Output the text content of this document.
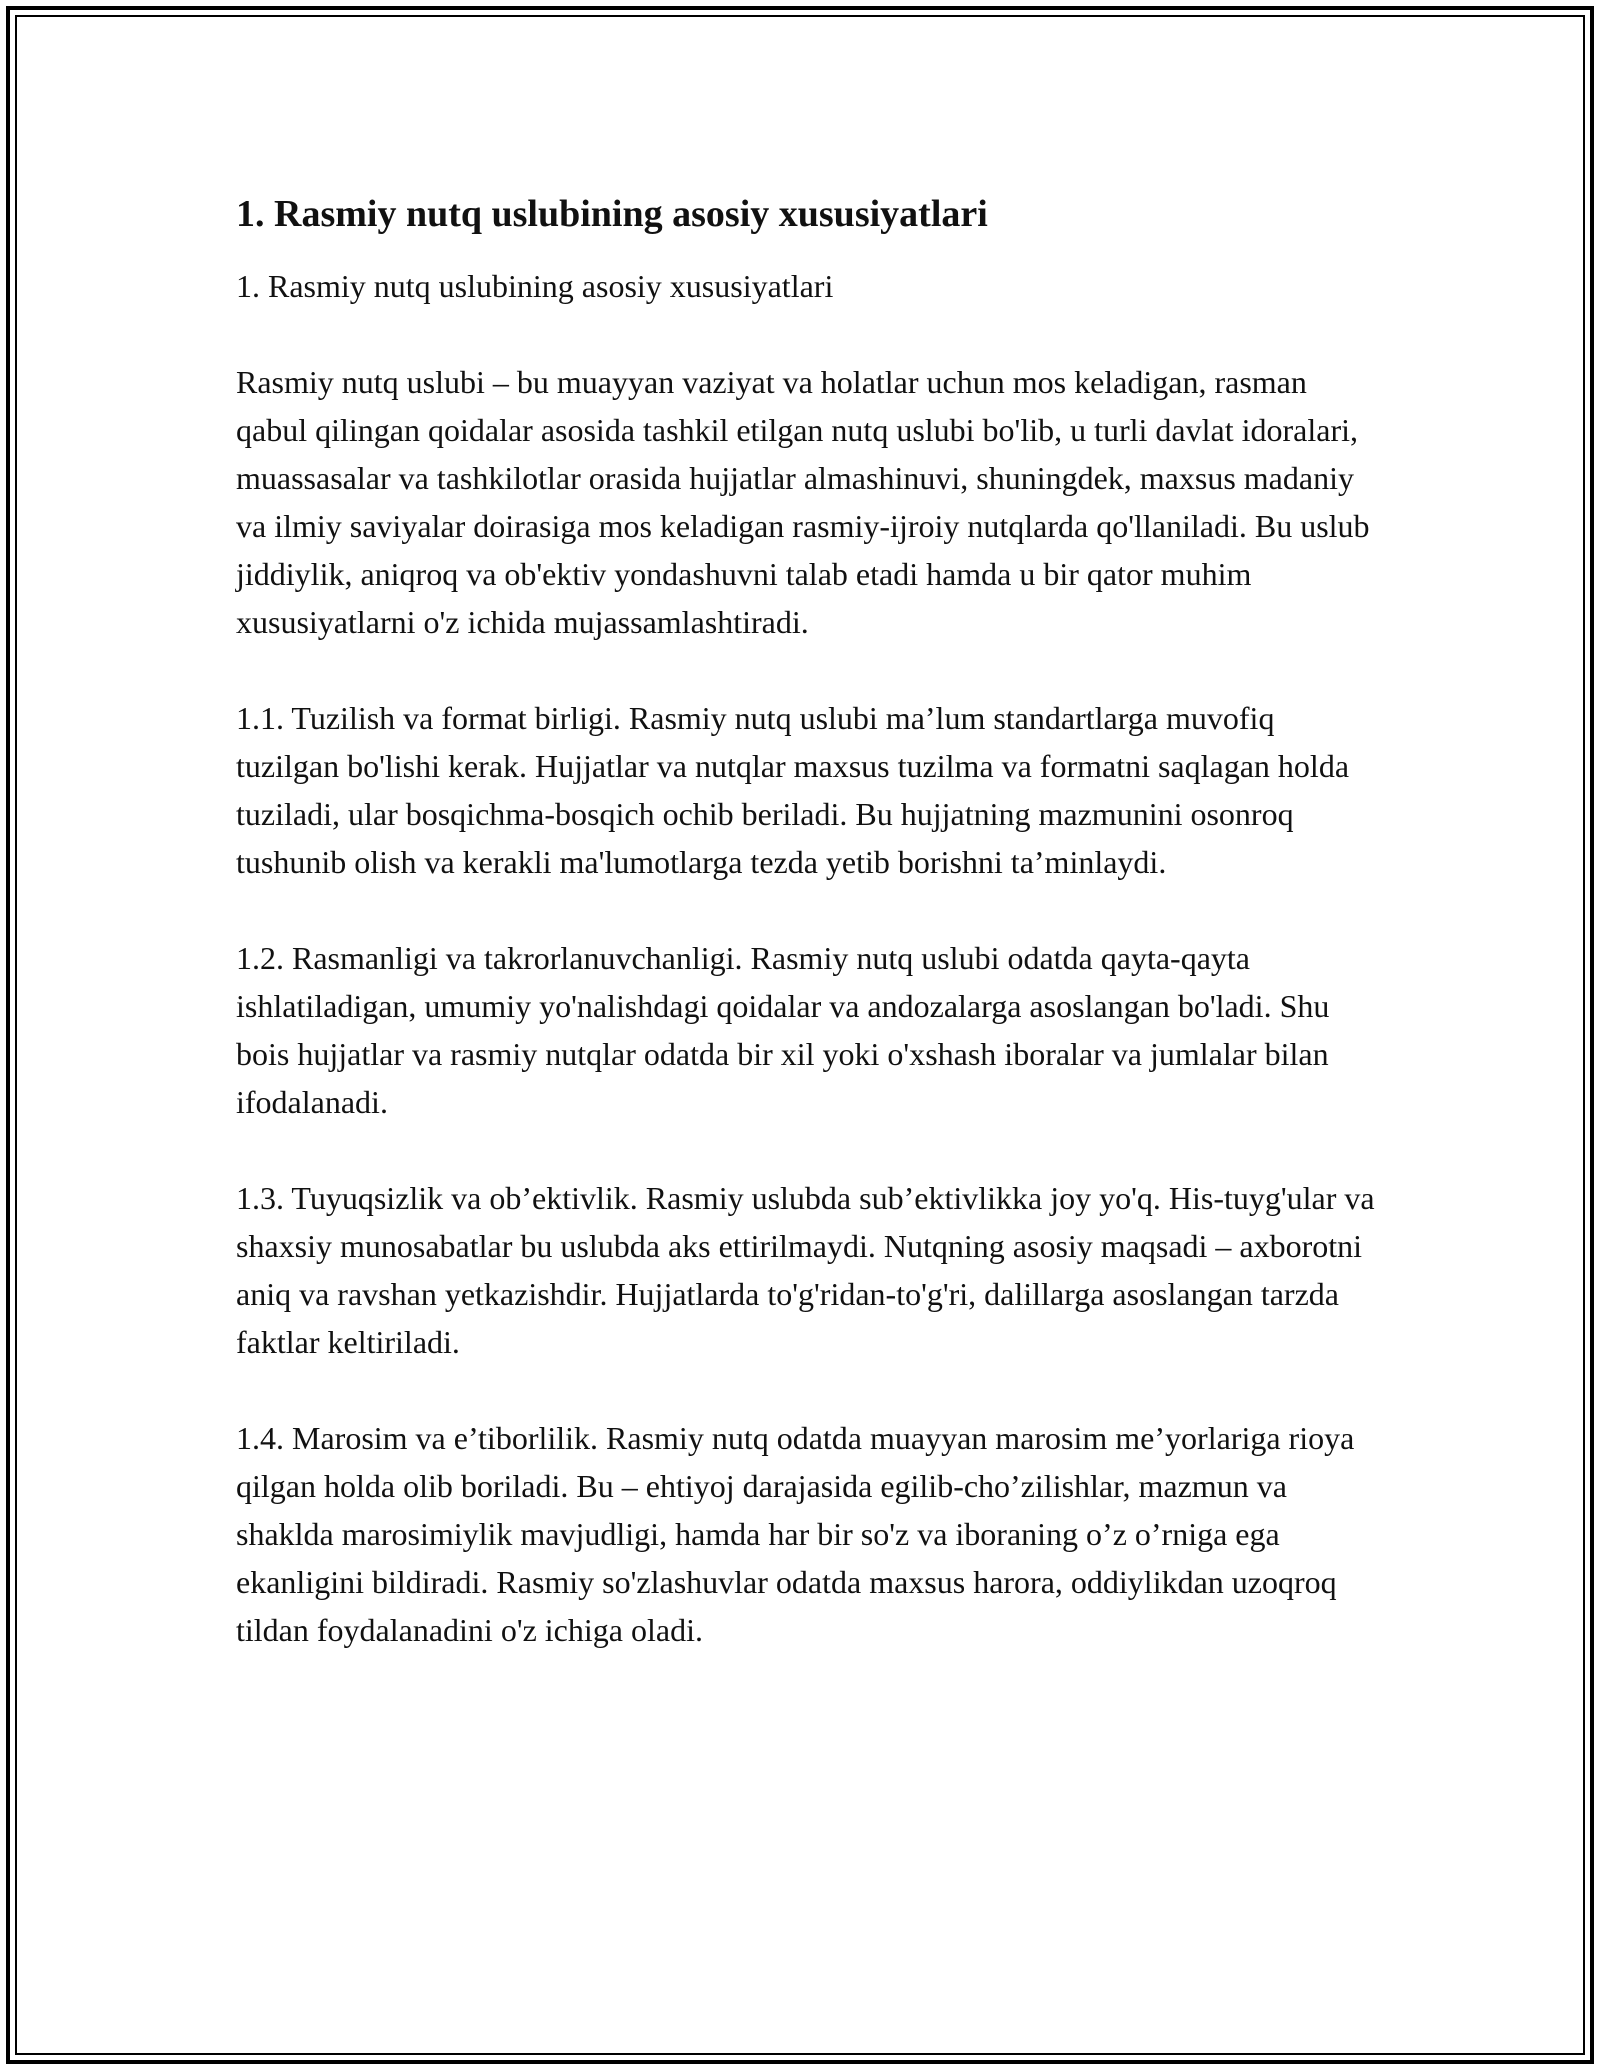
1. Rasmiy nutq uslubining asosiy xususiyatlari

1. Rasmiy nutq uslubining asosiy xususiyatlari

Rasmiy nutq uslubi – bu muayyan vaziyat va holatlar uchun mos keladigan, rasman qabul qilingan qoidalar asosida tashkil etilgan nutq uslubi bo'lib, u turli davlat idoralari, muassasalar va tashkilotlar orasida hujjatlar almashinuvi, shuningdek, maxsus madaniy va ilmiy saviyalar doirasiga mos keladigan rasmiy-ijroiy nutqlarda qo'llaniladi. Bu uslub jiddiylik, aniqroq va ob'ektiv yondashuvni talab etadi hamda u bir qator muhim xususiyatlarni o'z ichida mujassamlashtiradi.

1.1. Tuzilish va format birligi. Rasmiy nutq uslubi ma’lum standartlarga muvofiq tuzilgan bo'lishi kerak. Hujjatlar va nutqlar maxsus tuzilma va formatni saqlagan holda tuziladi, ular bosqichma-bosqich ochib beriladi. Bu hujjatning mazmunini osonroq tushunib olish va kerakli ma'lumotlarga tezda yetib borishni ta’minlaydi.

1.2. Rasmanligi va takrorlanuvchanligi. Rasmiy nutq uslubi odatda qayta-qayta ishlatiladigan, umumiy yo'nalishdagi qoidalar va andozalarga asoslangan bo'ladi. Shu bois hujjatlar va rasmiy nutqlar odatda bir xil yoki o'xshash iboralar va jumlalar bilan ifodalanadi.

1.3. Tuyuqsizlik va ob’ektivlik. Rasmiy uslubda sub’ektivlikka joy yo'q. His-tuyg'ular va shaxsiy munosabatlar bu uslubda aks ettirilmaydi. Nutqning asosiy maqsadi – axborotni aniq va ravshan yetkazishdir. Hujjatlarda to'g'ridan-to'g'ri, dalillarga asoslangan tarzda faktlar keltiriladi.

1.4. Marosim va e’tiborlilik. Rasmiy nutq odatda muayyan marosim me’yorlariga rioya qilgan holda olib boriladi. Bu – ehtiyoj darajasida egilib-cho’zilishlar, mazmun va shaklda marosimiylik mavjudligi, hamda har bir so'z va iboraning o’z o’rniga ega ekanligini bildiradi. Rasmiy so'zlashuvlar odatda maxsus harora, oddiylikdan uzoqroq tildan foydalanadini o'z ichiga oladi.
